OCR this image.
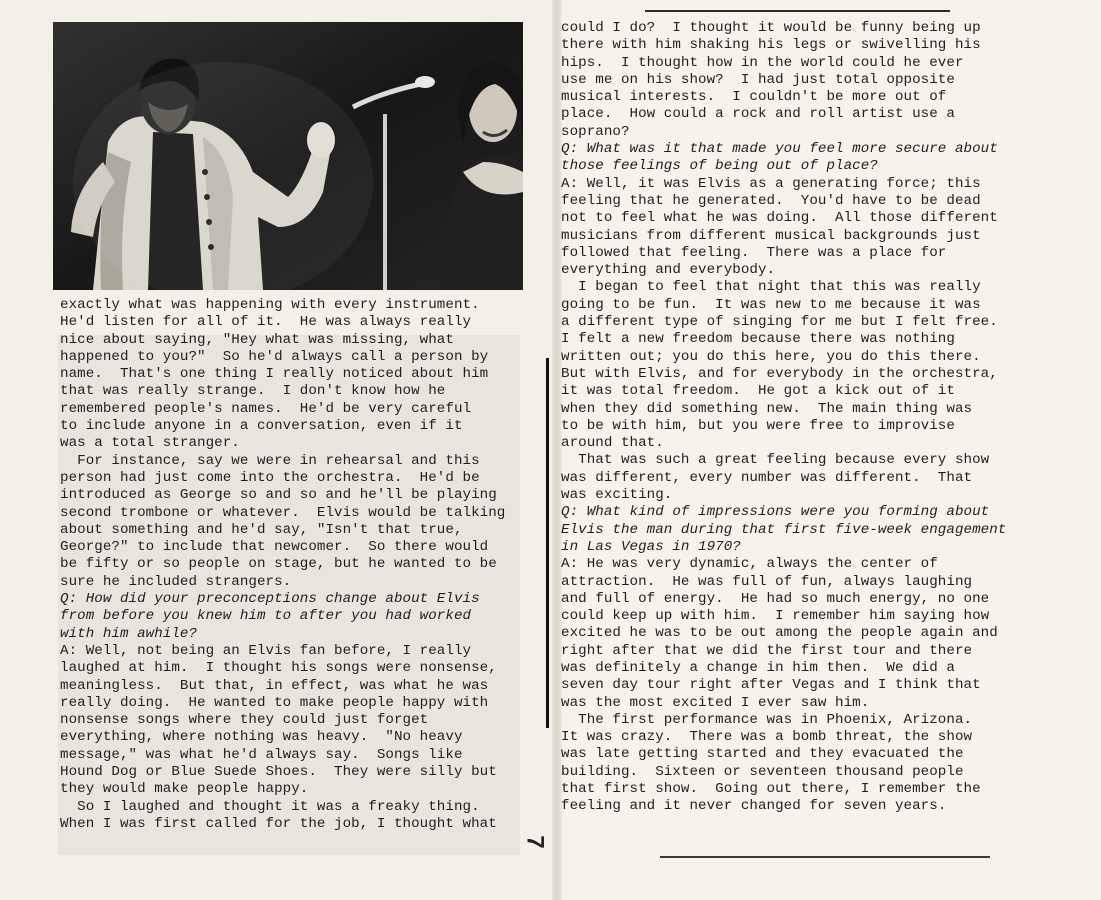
exactly what was happening with every instrument.
He'd listen for all of it.  He was always really
nice about saying, "Hey what was missing, what
happened to you?"  So he'd always call a person by
name.  That's one thing I really noticed about him
that was really strange.  I don't know how he
remembered people's names.  He'd be very careful
to include anyone in a conversation, even if it
was a total stranger.
For instance, say we were in rehearsal and this
person had just come into the orchestra.  He'd be
introduced as George so and so and he'll be playing
second trombone or whatever.  Elvis would be talking
about something and he'd say, "Isn't that true,
George?" to include that newcomer.  So there would
be fifty or so people on stage, but he wanted to be
sure he included strangers.
Q: How did your preconceptions change about Elvis
from before you knew him to after you had worked
with him awhile?
A: Well, not being an Elvis fan before, I really
laughed at him.  I thought his songs were nonsense,
meaningless.  But that, in effect, was what he was
really doing.  He wanted to make people happy with
nonsense songs where they could just forget
everything, where nothing was heavy.  "No heavy
message," was what he'd always say.  Songs like
Hound Dog or Blue Suede Shoes.  They were silly but
they would make people happy.
So I laughed and thought it was a freaky thing.
When I was first called for the job, I thought what
could I do?  I thought it would be funny being up
there with him shaking his legs or swivelling his
hips.  I thought how in the world could he ever
use me on his show?  I had just total opposite
musical interests.  I couldn't be more out of
place.  How could a rock and roll artist use a
soprano?
Q: What was it that made you feel more secure about
those feelings of being out of place?
A: Well, it was Elvis as a generating force; this
feeling that he generated.  You'd have to be dead
not to feel what he was doing.  All those different
musicians from different musical backgrounds just
followed that feeling.  There was a place for
everything and everybody.
I began to feel that night that this was really
going to be fun.  It was new to me because it was
a different type of singing for me but I felt free.
I felt a new freedom because there was nothing
written out; you do this here, you do this there.
But with Elvis, and for everybody in the orchestra,
it was total freedom.  He got a kick out of it
when they did something new.  The main thing was
to be with him, but you were free to improvise
around that.
That was such a great feeling because every show
was different, every number was different.  That
was exciting.
Q: What kind of impressions were you forming about
Elvis the man during that first five-week engagement
in Las Vegas in 1970?
A: He was very dynamic, always the center of
attraction.  He was full of fun, always laughing
and full of energy.  He had so much energy, no one
could keep up with him.  I remember him saying how
excited he was to be out among the people again and
right after that we did the first tour and there
was definitely a change in him then.  We did a
seven day tour right after Vegas and I think that
was the most excited I ever saw him.
The first performance was in Phoenix, Arizona.
It was crazy.  There was a bomb threat, the show
was late getting started and they evacuated the
building.  Sixteen or seventeen thousand people
that first show.  Going out there, I remember the
feeling and it never changed for seven years.
7
